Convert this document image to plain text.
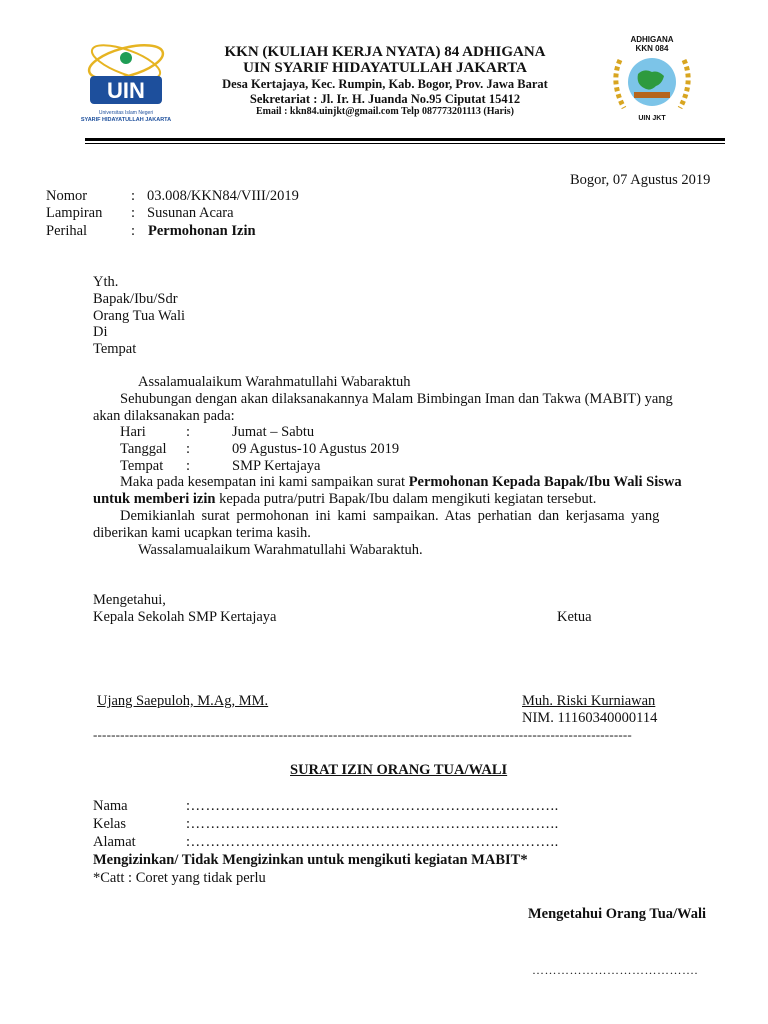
UIN
Universitas Islam Negeri
SYARIF HIDAYATULLAH JAKARTA
KKN (KULIAH KERJA NYATA) 84 ADHIGANA
UIN SYARIF HIDAYATULLAH JAKARTA
Desa Kertajaya, Kec. Rumpin, Kab. Bogor, Prov. Jawa Barat
Sekretariat : Jl. Ir. H. Juanda No.95 Ciputat 15412
Email : kkn84.uinjkt@gmail.com Telp 087773201113 (Haris)
ADHIGANA
KKN 084
UIN JKT
Bogor, 07 Agustus 2019
Nomor	: 03.008/KKN84/VIII/2019
Lampiran : Susunan Acara
Perihal	: Permohonan Izin
Yth.
Bapak/Ibu/Sdr
Orang Tua Wali
Di
Tempat
Assalamualaikum Warahmatullahi Wabaraktuh
Sehubungan dengan akan dilaksanakannya Malam Bimbingan Iman dan Takwa (MABIT) yang
akan dilaksanakan pada:
Hari	:	Jumat – Sabtu
Tanggal :	09 Agustus-10 Agustus 2019
Tempat :	SMP Kertajaya
Maka pada kesempatan ini kami sampaikan surat Permohonan Kepada Bapak/Ibu Wali Siswa
untuk memberi izin kepada putra/putri Bapak/Ibu dalam mengikuti kegiatan tersebut.
Demikianlah surat permohonan ini kami sampaikan. Atas perhatian dan kerjasama yang
diberikan kami ucapkan terima kasih.
Wassalamualaikum Warahmatullahi Wabaraktuh.
Mengetahui,
Kepala Sekolah SMP Kertajaya	Ketua
Ujang Saepuloh, M.Ag, MM.	Muh. Riski Kurniawan
NIM. 11160340000114
-----------------------------------------------------------------------------------------------------------------------
SURAT IZIN ORANG TUA/WALI
Nama	:………………………………………………………………..
Kelas	:………………………………………………………………..
Alamat	:………………………………………………………………..
Mengizinkan/ Tidak Mengizinkan untuk mengikuti kegiatan MABIT*
*Catt : Coret yang tidak perlu
Mengetahui Orang Tua/Wali
………………………………….
